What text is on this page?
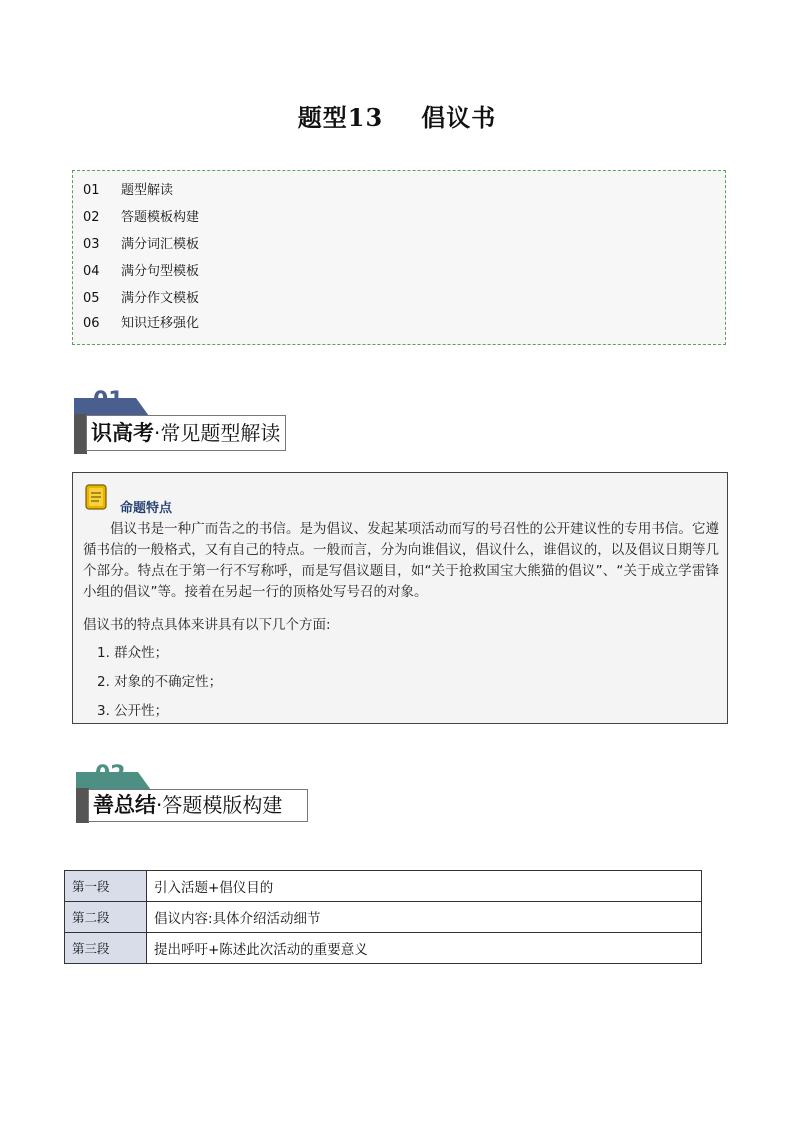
题型13 倡议书
01 题型解读
02 答题模板构建
03 满分词汇模板
04 满分句型模板
05 满分作文模板
06 知识迁移强化
01
识高考·常见题型解读
命题特点
倡议书是一种广而告之的书信。是为倡议、发起某项活动而写的号召性的公开建议性的专用书信。它遵循书信的一般格式，又有自己的特点。一般而言，分为向谁倡议，倡议什么，谁倡议的，以及倡议日期等几个部分。特点在于第一行不写称呼，而是写倡议题目，如“关于抢救国宝大熊猫的倡议”、“关于成立学雷锋小组的倡议”等。接着在另起一行的顶格处写号召的对象。
倡议书的特点具体来讲具有以下几个方面:
1. 群众性；
2. 对象的不确定性；
3. 公开性；
02
善总结·答题模版构建
第一段	引入活题+倡仪目的
第二段	倡议内容:具体介绍活动细节
第三段	提出呼吁+陈述此次活动的重要意义
